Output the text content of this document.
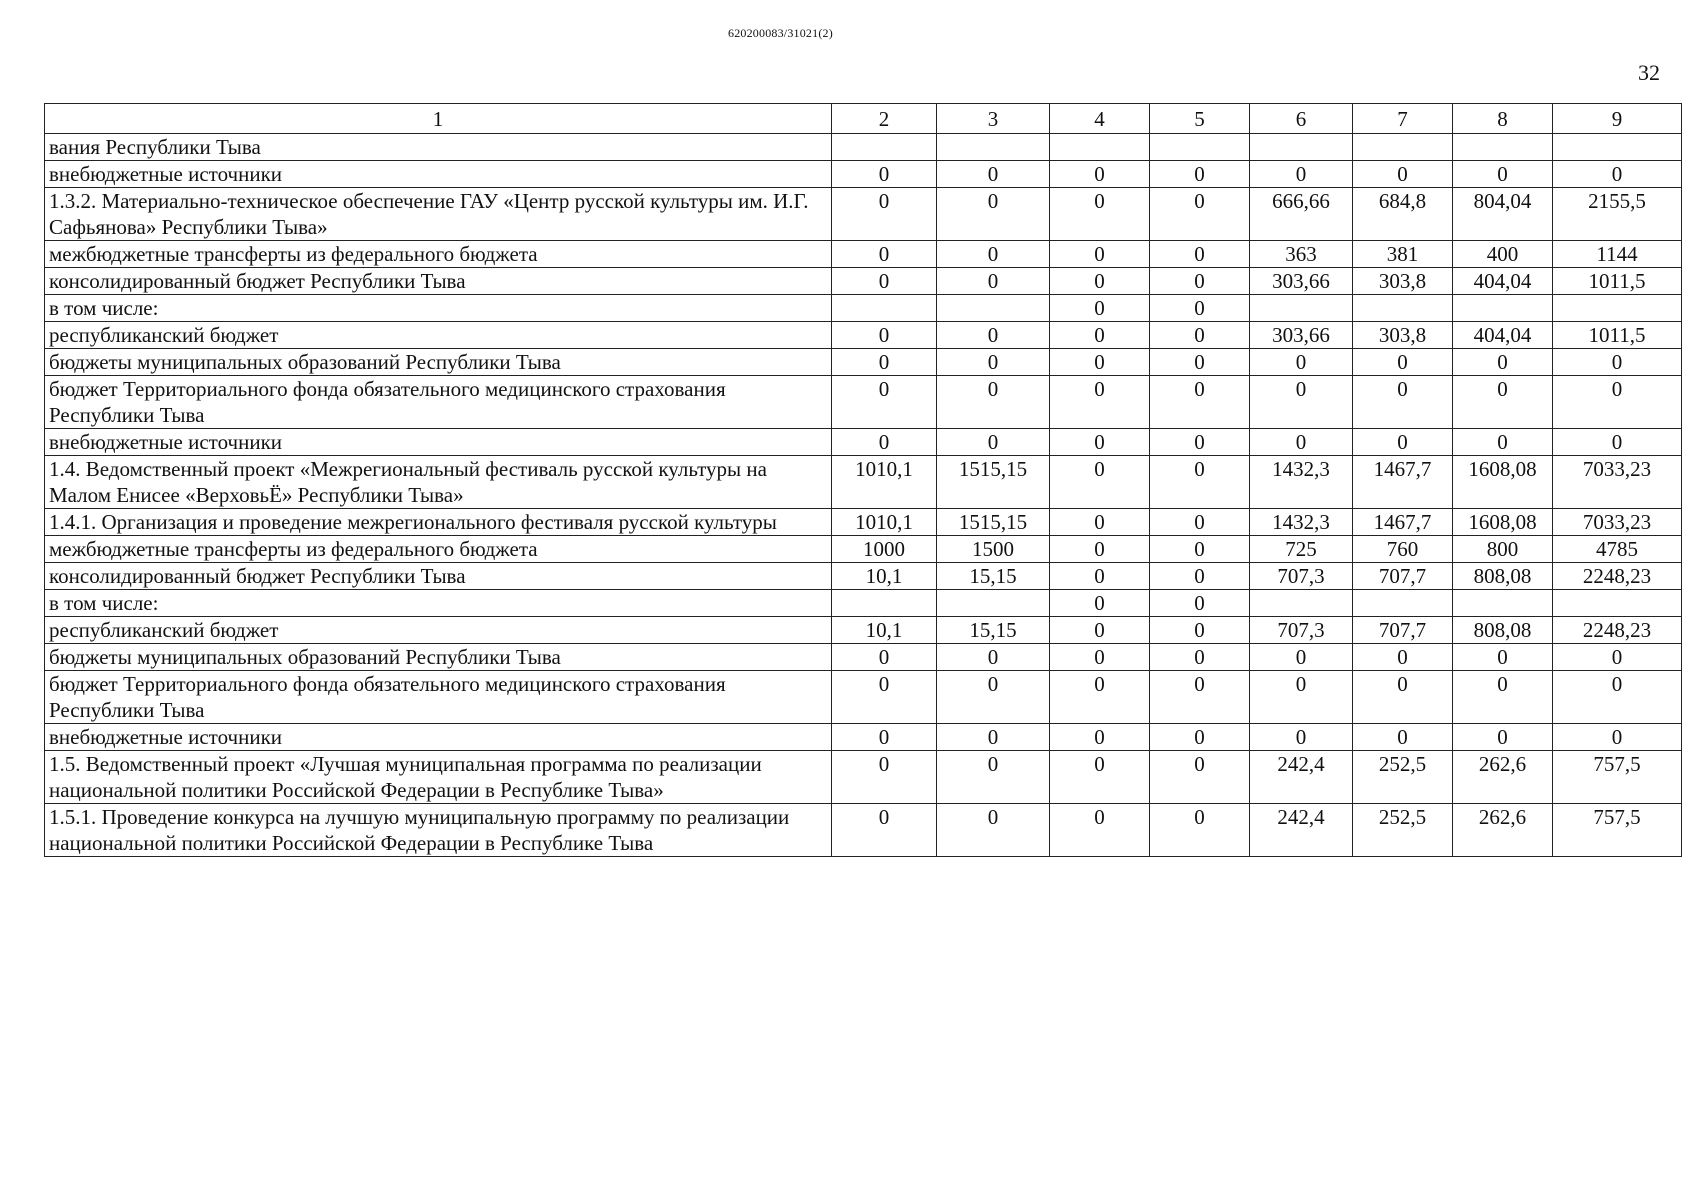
620200083/31021(2)
32
1	2	3	4	5	6	7	8	9
вания Республики Тыва								
внебюджетные источники	0	0	0	0	0	0	0	0
1.3.2. Материально-техническое обеспечение ГАУ «Центр русской культуры им. И.Г. Сафьянова» Республики Тыва»	0	0	0	0	666,66	684,8	804,04	2155,5
межбюджетные трансферты из федерального бюджета	0	0	0	0	363	381	400	1144
консолидированный бюджет Республики Тыва	0	0	0	0	303,66	303,8	404,04	1011,5
в том числе:			0	0				
республиканский бюджет	0	0	0	0	303,66	303,8	404,04	1011,5
бюджеты муниципальных образований Республики Тыва	0	0	0	0	0	0	0	0
бюджет Территориального фонда обязательного медицинского страхования Республики Тыва	0	0	0	0	0	0	0	0
внебюджетные источники	0	0	0	0	0	0	0	0
1.4. Ведомственный проект «Межрегиональный фестиваль русской культуры на Малом Енисее «ВерховьЁ» Республики Тыва»	1010,1	1515,15	0	0	1432,3	1467,7	1608,08	7033,23
1.4.1. Организация и проведение межрегионального фестиваля русской культуры	1010,1	1515,15	0	0	1432,3	1467,7	1608,08	7033,23
межбюджетные трансферты из федерального бюджета	1000	1500	0	0	725	760	800	4785
консолидированный бюджет Республики Тыва	10,1	15,15	0	0	707,3	707,7	808,08	2248,23
в том числе:			0	0				
республиканский бюджет	10,1	15,15	0	0	707,3	707,7	808,08	2248,23
бюджеты муниципальных образований Республики Тыва	0	0	0	0	0	0	0	0
бюджет Территориального фонда обязательного медицинского страхования Республики Тыва	0	0	0	0	0	0	0	0
внебюджетные источники	0	0	0	0	0	0	0	0
1.5. Ведомственный проект «Лучшая муниципальная программа по реализации национальной политики Российской Федерации в Республике Тыва»	0	0	0	0	242,4	252,5	262,6	757,5
1.5.1. Проведение конкурса на лучшую муниципальную программу по реализации национальной политики Российской Федерации в Республике Тыва	0	0	0	0	242,4	252,5	262,6	757,5
